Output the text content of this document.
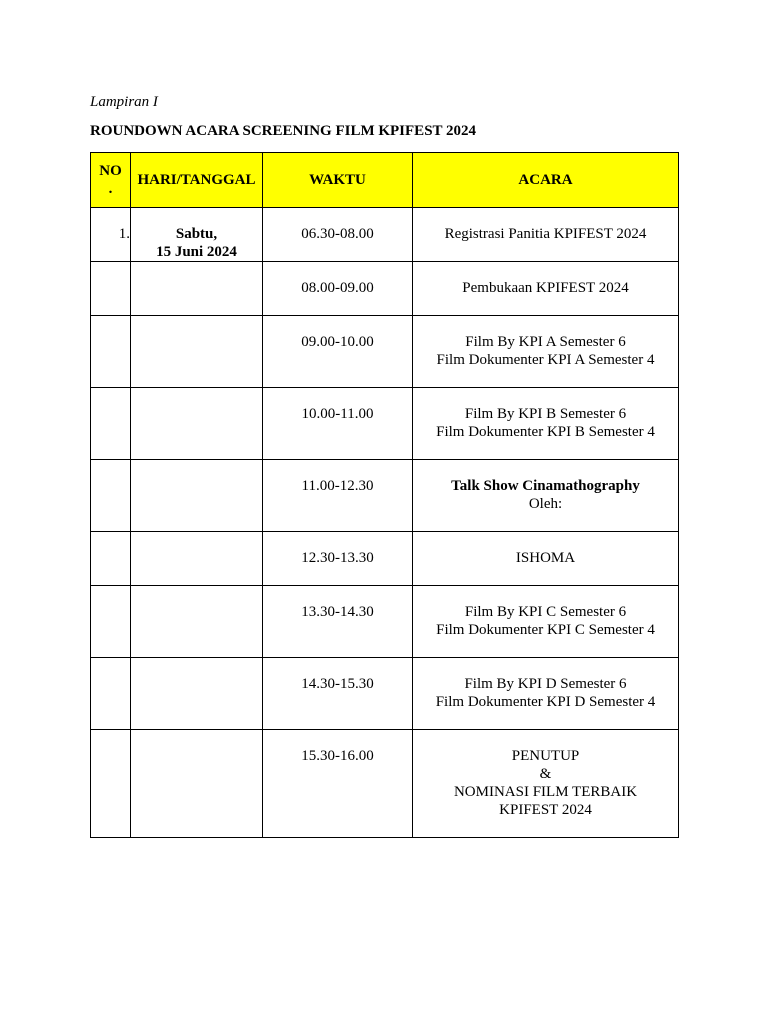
Lampiran I
ROUNDOWN ACARA SCREENING FILM KPIFEST 2024
NO
.	HARI/TANGGAL	WAKTU	ACARA

1.	Sabtu,
15 Juni 2024	06.30-08.00	Registrasi Panitia KPIFEST 2024

		08.00-09.00	Pembukaan KPIFEST 2024

		09.00-10.00	Film By KPI A Semester 6
Film Dokumenter KPI A Semester 4

		10.00-11.00	Film By KPI B Semester 6
Film Dokumenter KPI B Semester 4

		11.00-12.30	Talk Show Cinamathography
Oleh:

		12.30-13.30	ISHOMA

		13.30-14.30	Film By KPI C Semester 6
Film Dokumenter KPI C Semester 4

		14.30-15.30	Film By KPI D Semester 6
Film Dokumenter KPI D Semester 4

		15.30-16.00	PENUTUP
&
NOMINASI FILM TERBAIK
KPIFEST 2024
